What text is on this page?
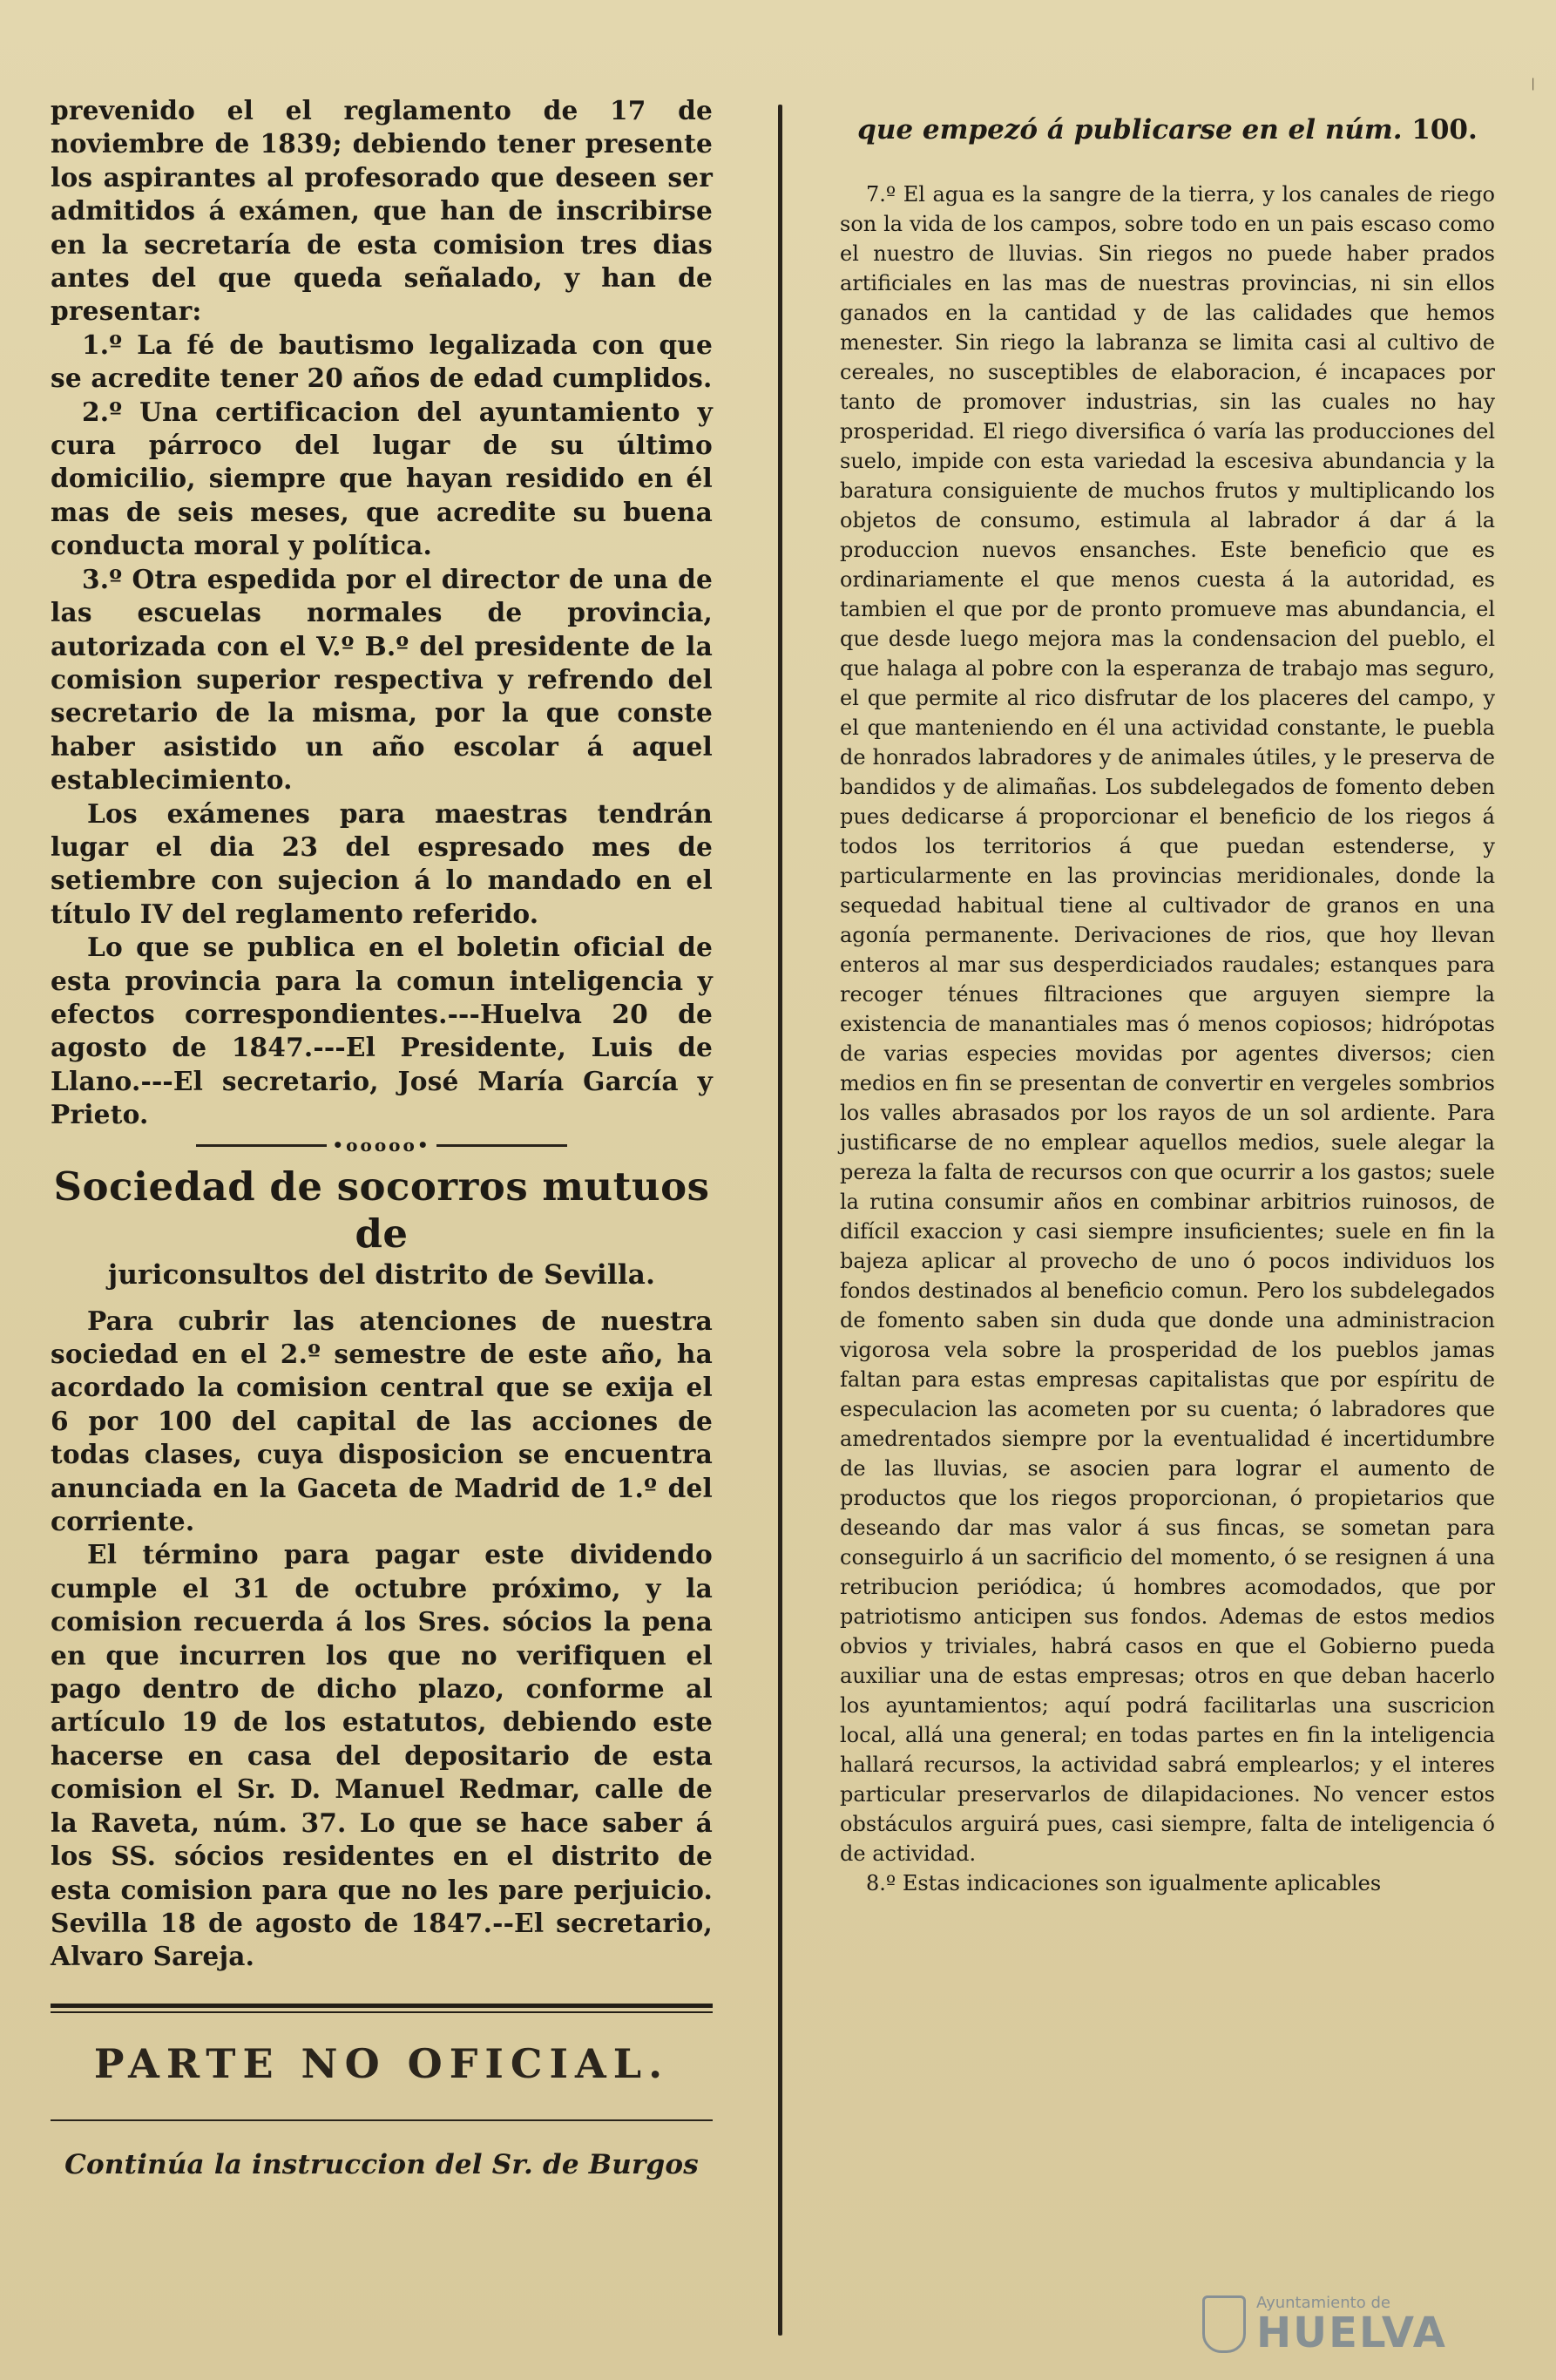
|

prevenido el el reglamento de 17 de noviembre de 1839; debiendo tener presente los aspirantes al profesorado que deseen ser admitidos á exámen, que han de inscribirse en la secretaría de esta comision tres dias antes del que queda señalado, y han de presentar:

1.º La fé de bautismo legalizada con que se acredite tener 20 años de edad cumplidos.

2.º Una certificacion del ayuntamiento y cura párroco del lugar de su último domicilio, siempre que hayan residido en él mas de seis meses, que acredite su buena conducta moral y política.

3.º Otra espedida por el director de una de las escuelas normales de provincia, autorizada con el V.º B.º del presidente de la comision superior respectiva y refrendo del secretario de la misma, por la que conste haber asistido un año escolar á aquel establecimiento.

Los exámenes para maestras tendrán lugar el dia 23 del espresado mes de setiembre con sujecion á lo mandado en el título IV del reglamento referido.

Lo que se publica en el boletin oficial de esta provincia para la comun inteligencia y efectos correspondientes.---Huelva 20 de agosto de 1847.---El Presidente, Luis de Llano.---El secretario, José María García y Prieto.

•ooooo•
Sociedad de socorros mutuos de
juriconsultos del distrito de Sevilla.

Para cubrir las atenciones de nuestra sociedad en el 2.º semestre de este año, ha acordado la comision central que se exija el 6 por 100 del capital de las acciones de todas clases, cuya disposicion se encuentra anunciada en la Gaceta de Madrid de 1.º del corriente.

El término para pagar este dividendo cumple el 31 de octubre próximo, y la comision recuerda á los Sres. sócios la pena en que incurren los que no verifiquen el pago dentro de dicho plazo, conforme al artículo 19 de los estatutos, debiendo este hacerse en casa del depositario de esta comision el Sr. D. Manuel Redmar, calle de la Raveta, núm. 37. Lo que se hace saber á los SS. sócios residentes en el distrito de esta comision para que no les pare perjuicio. Sevilla 18 de agosto de 1847.--El secretario, Alvaro Sareja.

PARTE NO OFICIAL.
Continúa la instruccion del Sr. de Burgos
que empezó á publicarse en el núm. 100.

7.º El agua es la sangre de la tierra, y los canales de riego son la vida de los campos, sobre todo en un pais escaso como el nuestro de lluvias. Sin riegos no puede haber prados artificiales en las mas de nuestras provincias, ni sin ellos ganados en la cantidad y de las calidades que hemos menester. Sin riego la labranza se limita casi al cultivo de cereales, no susceptibles de elaboracion, é incapaces por tanto de promover industrias, sin las cuales no hay prosperidad. El riego diversifica ó varía las producciones del suelo, impide con esta variedad la escesiva abundancia y la baratura consiguiente de muchos frutos y multiplicando los objetos de consumo, estimula al labrador á dar á la produccion nuevos ensanches. Este beneficio que es ordinariamente el que menos cuesta á la autoridad, es tambien el que por de pronto promueve mas abundancia, el que desde luego mejora mas la condensacion del pueblo, el que halaga al pobre con la esperanza de trabajo mas seguro, el que permite al rico disfrutar de los placeres del campo, y el que manteniendo en él una actividad constante, le puebla de honrados labradores y de animales útiles, y le preserva de bandidos y de alimañas. Los subdelegados de fomento deben pues dedicarse á proporcionar el beneficio de los riegos á todos los territorios á que puedan estenderse, y particularmente en las provincias meridionales, donde la sequedad habitual tiene al cultivador de granos en una agonía permanente. Derivaciones de rios, que hoy llevan enteros al mar sus desperdiciados raudales; estanques para recoger ténues filtraciones que arguyen siempre la existencia de manantiales mas ó menos copiosos; hidrópotas de varias especies movidas por agentes diversos; cien medios en fin se presentan de convertir en vergeles sombrios los valles abrasados por los rayos de un sol ardiente. Para justificarse de no emplear aquellos medios, suele alegar la pereza la falta de recursos con que ocurrir a los gastos; suele la rutina consumir años en combinar arbitrios ruinosos, de difícil exaccion y casi siempre insuficientes; suele en fin la bajeza aplicar al provecho de uno ó pocos individuos los fondos destinados al beneficio comun. Pero los subdelegados de fomento saben sin duda que donde una administracion vigorosa vela sobre la prosperidad de los pueblos jamas faltan para estas empresas capitalistas que por espíritu de especulacion las acometen por su cuenta; ó labradores que amedrentados siempre por la eventualidad é incertidumbre de las lluvias, se asocien para lograr el aumento de productos que los riegos proporcionan, ó propietarios que deseando dar mas valor á sus fincas, se sometan para conseguirlo á un sacrificio del momento, ó se resignen á una retribucion periódica; ú hombres acomodados, que por patriotismo anticipen sus fondos. Ademas de estos medios obvios y triviales, habrá casos en que el Gobierno pueda auxiliar una de estas empresas; otros en que deban hacerlo los ayuntamientos; aquí podrá facilitarlas una suscricion local, allá una general; en todas partes en fin la inteligencia hallará recursos, la actividad sabrá emplearlos; y el interes particular preservarlos de dilapidaciones. No vencer estos obstáculos arguirá pues, casi siempre, falta de inteligencia ó de actividad.

8.º Estas indicaciones son igualmente aplicables

Ayuntamiento de
HUELVA
